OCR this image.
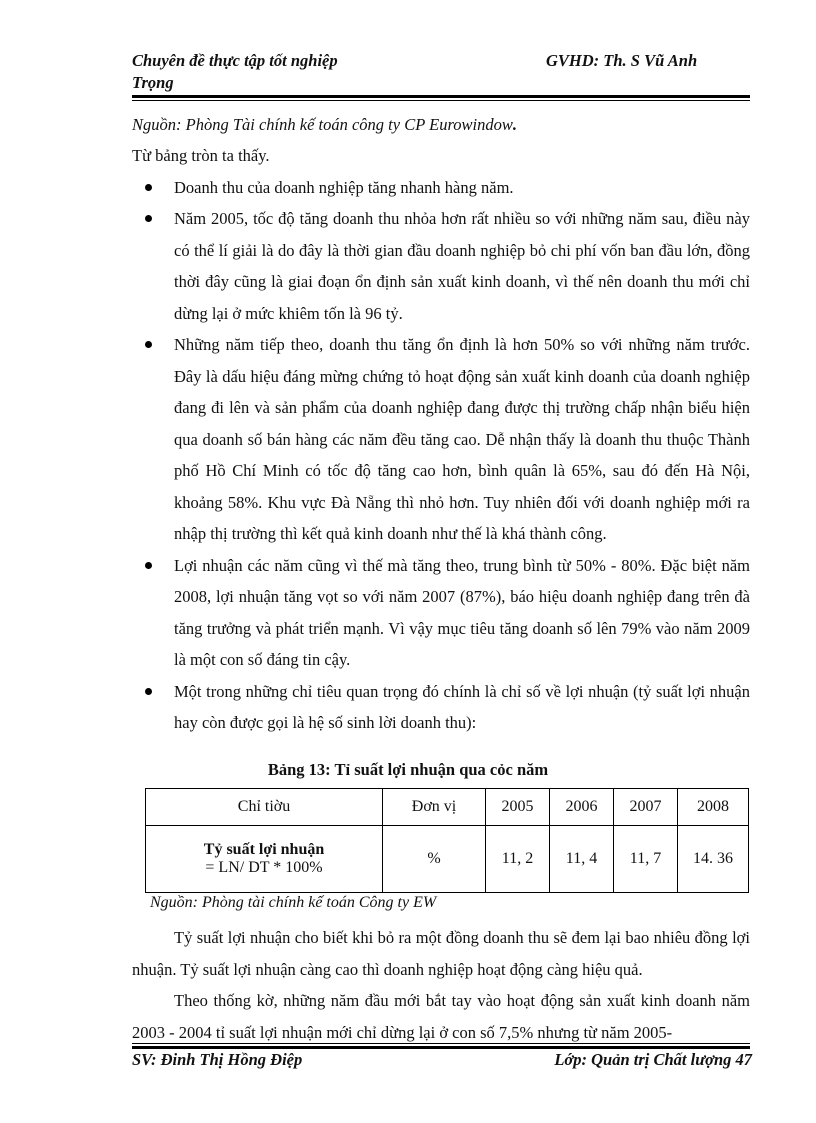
Chuyên đề thực tập tốt nghiệp
Trọng
GVHD: Th. S Vũ Anh

Nguồn: Phòng Tài chính kế toán công ty CP Eurowindow.

Từ bảng tròn ta thấy.

Doanh thu của doanh nghiệp tăng nhanh hàng năm.
Năm 2005, tốc độ tăng doanh thu nhỏa hơn rất nhiều so với những năm sau, điều này có thể lí giải là do đây là thời gian đầu doanh nghiệp bỏ chi phí vốn ban đầu lớn, đồng thời đây cũng là giai đoạn ổn định sản xuất kinh doanh, vì thế nên doanh thu mới chỉ dừng lại ở mức khiêm tốn là 96 tỷ.
Những năm tiếp theo, doanh thu tăng ổn định là hơn 50% so với những năm trước. Đây là dấu hiệu đáng mừng chứng tỏ hoạt động sản xuất kinh doanh của doanh nghiệp đang đi lên và sản phẩm của doanh nghiệp đang được thị trường chấp nhận biểu hiện qua doanh số bán hàng các năm đều tăng cao. Dễ nhận thấy là doanh thu thuộc Thành phố Hồ Chí Minh có tốc độ tăng cao hơn, bình quân là 65%, sau đó đến Hà Nội, khoảng 58%. Khu vực Đà Nẵng thì nhỏ hơn. Tuy nhiên đối với doanh nghiệp mới ra nhập thị trường thì kết quả kinh doanh như thế là khá thành công.
Lợi nhuận các năm cũng vì thế mà tăng theo, trung bình từ 50% - 80%. Đặc biệt năm 2008, lợi nhuận tăng vọt so với năm 2007 (87%), báo hiệu doanh nghiệp đang trên đà tăng trưởng và phát triển mạnh. Vì vậy mục tiêu tăng doanh số lên 79% vào năm 2009 là một con số đáng tin cậy.
Một trong những chỉ tiêu quan trọng đó chính là chỉ số về lợi nhuận (tỷ suất lợi nhuận hay còn được gọi là hệ số sinh lời doanh thu):
Bảng 13: Tỉ suất lợi nhuận qua cỏc năm
Chỉ tiờu	Đơn vị	2005	2006	2007	2008

Tỷ suất lợi nhuận
= LN/ DT * 100%	%	11, 2	11, 4	11, 7	14. 36
Nguồn: Phòng tài chính kế toán Công ty EW

Tỷ suất lợi nhuận cho biết khi bỏ ra một đồng doanh thu sẽ đem lại bao nhiêu đồng lợi nhuận. Tỷ suất lợi nhuận càng cao thì doanh nghiệp hoạt động càng hiệu quả.

Theo thống kờ, những năm đầu mới bắt tay vào hoạt động sản xuất kinh doanh năm 2003 - 2004 tỉ suất lợi nhuận mới chỉ dừng lại ở con số 7,5% nhưng từ năm 2005-

SV: Đinh Thị Hồng Điệp	Lớp: Quản trị Chất lượng 47
